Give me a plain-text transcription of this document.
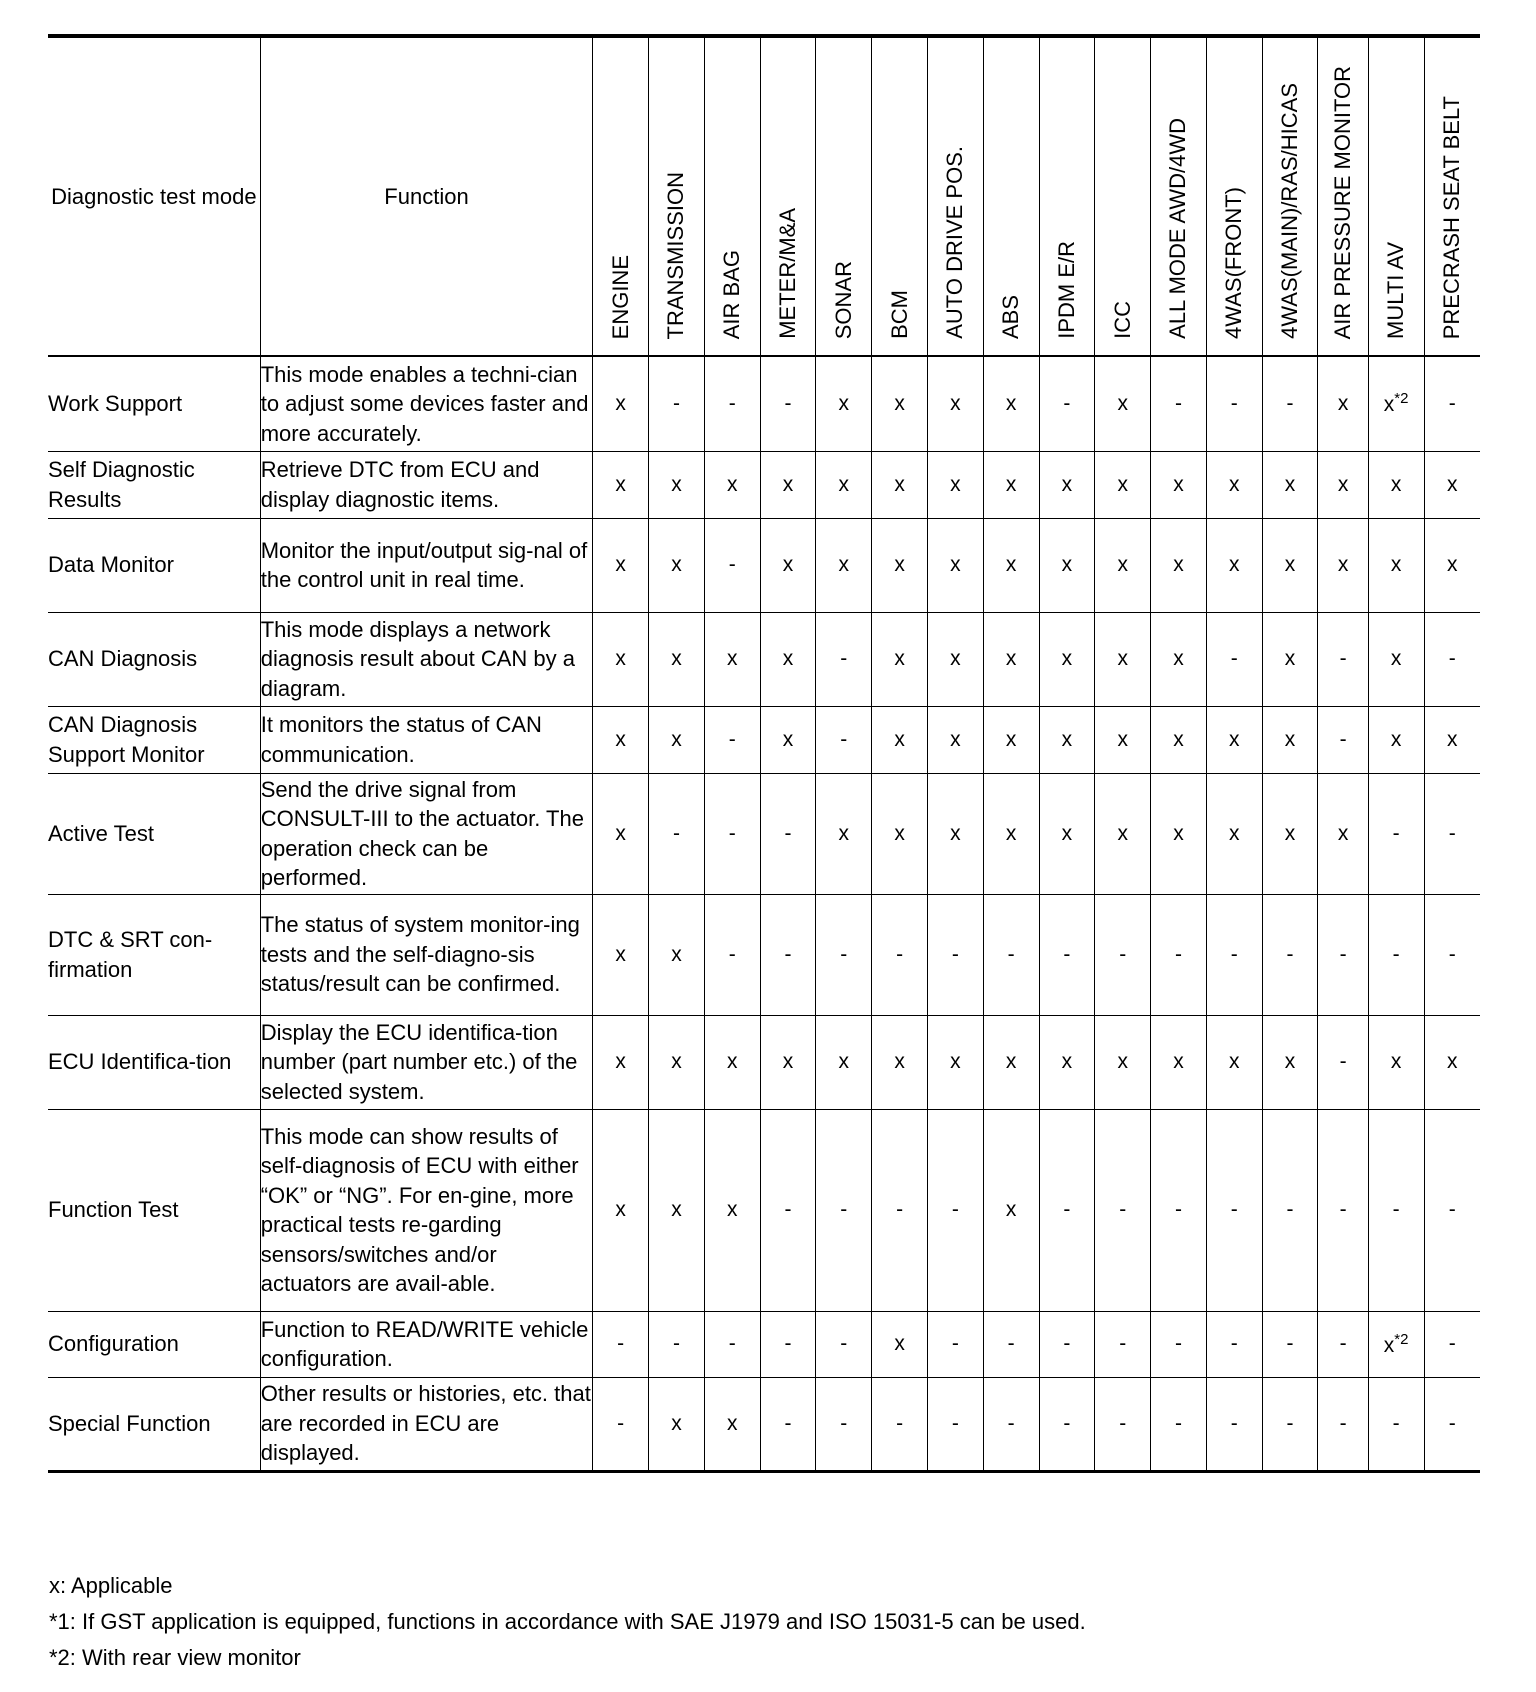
Diagnostic test mode	Function	ENGINE	TRANSMISSION	AIR BAG	METER/M&A	SONAR	BCM	AUTO DRIVE POS.	ABS	IPDM E/R	ICC	ALL MODE AWD/4WD	4WAS(FRONT)	4WAS(MAIN)/RAS/HICAS	AIR PRESSURE MONITOR	MULTI AV	PRECRASH SEAT BELT

Work Support	This mode enables a techni-cian to adjust some devices faster and more accurately.	x	-	-	-	x	x	x	x	-	x	-	-	-	x	$x^{*2}$	-
Self Diagnostic Results	Retrieve DTC from ECU and display diagnostic items.	x	x	x	x	x	x	x	x	x	x	x	x	x	x	x	x
Data Monitor	Monitor the input/output sig-nal of the control unit in real time.	x	x	-	x	x	x	x	x	x	x	x	x	x	x	x	x
CAN Diagnosis	This mode displays a network diagnosis result about CAN by a diagram.	x	x	x	x	-	x	x	x	x	x	x	-	x	-	x	-
CAN Diagnosis Support Monitor	It monitors the status of CAN communication.	x	x	-	x	-	x	x	x	x	x	x	x	x	-	x	x
Active Test	Send the drive signal from CONSULT-III to the actuator. The operation check can be performed.	x	-	-	-	x	x	x	x	x	x	x	x	x	x	-	-
DTC & SRT con-firmation	The status of system monitor-ing tests and the self-diagno-sis status/result can be confirmed.	x	x	-	-	-	-	-	-	-	-	-	-	-	-	-	-
ECU Identifica-tion	Display the ECU identifica-tion number (part number etc.) of the selected system.	x	x	x	x	x	x	x	x	x	x	x	x	x	-	x	x
Function Test	This mode can show results of self-diagnosis of ECU with either “OK” or “NG”. For en-gine, more practical tests re-garding sensors/switches and/or actuators are avail-able.	x	x	x	-	-	-	-	x	-	-	-	-	-	-	-	-
Configuration	Function to READ/WRITE vehicle configuration.	-	-	-	-	-	x	-	-	-	-	-	-	-	-	$x^{*2}$	-
Special Function	Other results or histories, etc. that are recorded in ECU are displayed.	-	x	x	-	-	-	-	-	-	-	-	-	-	-	-	-
x: Applicable
*1: If GST application is equipped, functions in accordance with SAE J1979 and ISO 15031-5 can be used.
*2: With rear view monitor
